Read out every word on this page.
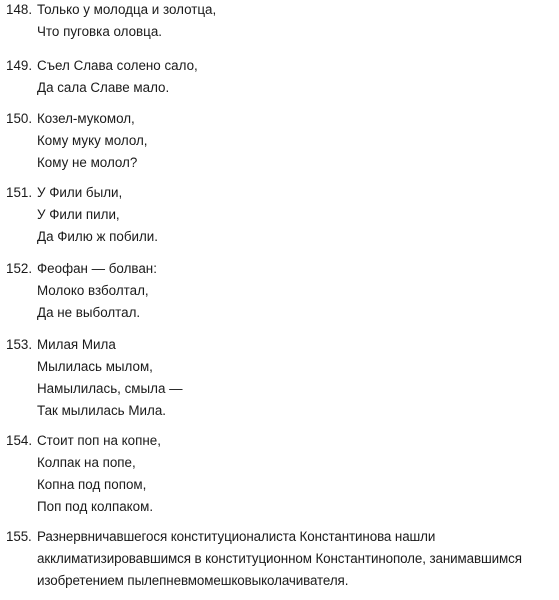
148. Только у молодца и золотца,
Что пуговка оловца.
149. Съел Слава солено сало,
Да сала Славе мало.
150. Козел-мукомол,
Кому муку молол,
Кому не молол?
151. У Фили были,
У Фили пили,
Да Филю ж побили.
152. Феофан — болван:
Молоко взболтал,
Да не выболтал.
153. Милая Мила
Мылилась мылом,
Намылилась, смыла —
Так мылилась Мила.
154. Стоит поп на копне,
Колпак на попе,
Копна под попом,
Поп под колпаком.
155. Разнервничавшегося конституционалиста Константинова нашли
акклиматизировавшимся в конституционном Константинополе, занимавшимся
изобретением пылепневмомешковыколачивателя.
